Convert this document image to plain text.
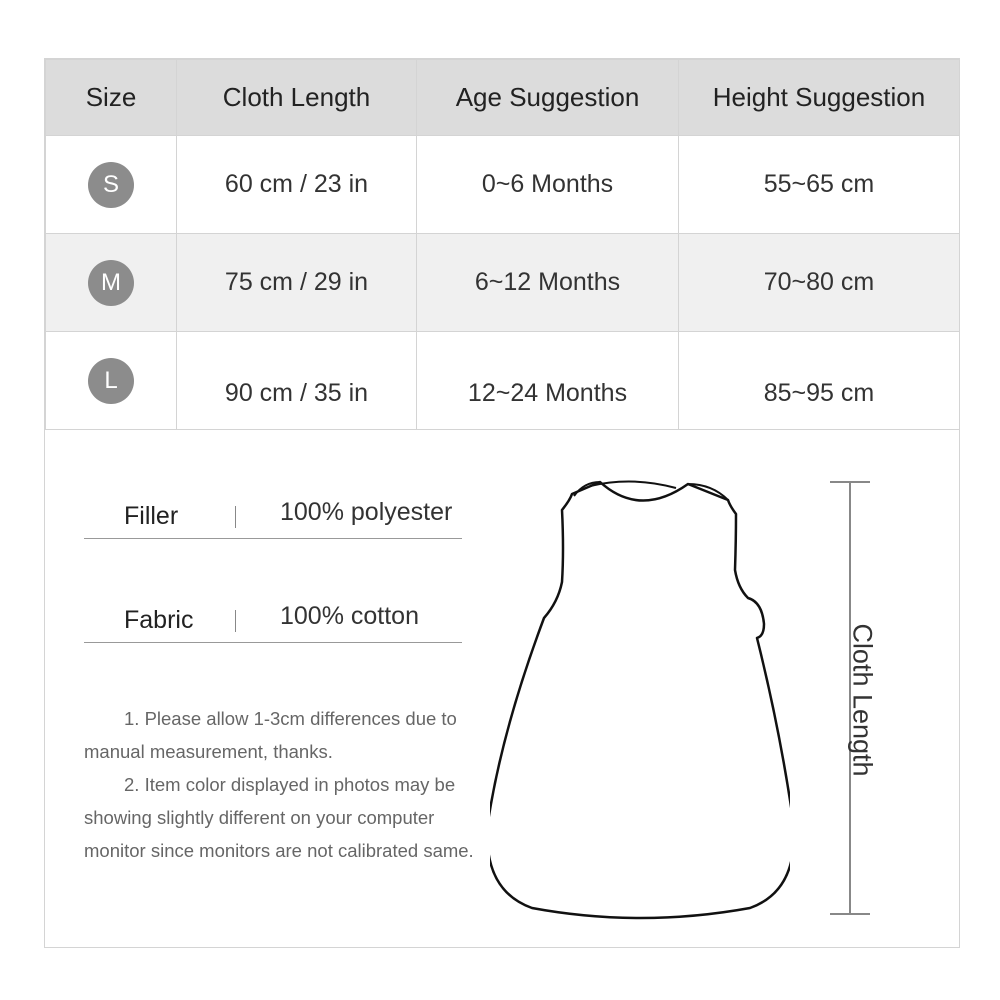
Size	Cloth Length	Age Suggestion	Height Suggestion
S	60 cm / 23 in	0~6 Months	55~65 cm
M	75 cm / 29 in	6~12 Months	70~80 cm
L	90 cm / 35 in	12~24 Months	85~95 cm
Filler	100% polyester
Fabric	100% cotton

1. Please allow 1-3cm differences due to manual measurement, thanks.

2. Item color displayed in photos may be showing slightly different on your computer monitor since monitors are not calibrated same.

Cloth Length
